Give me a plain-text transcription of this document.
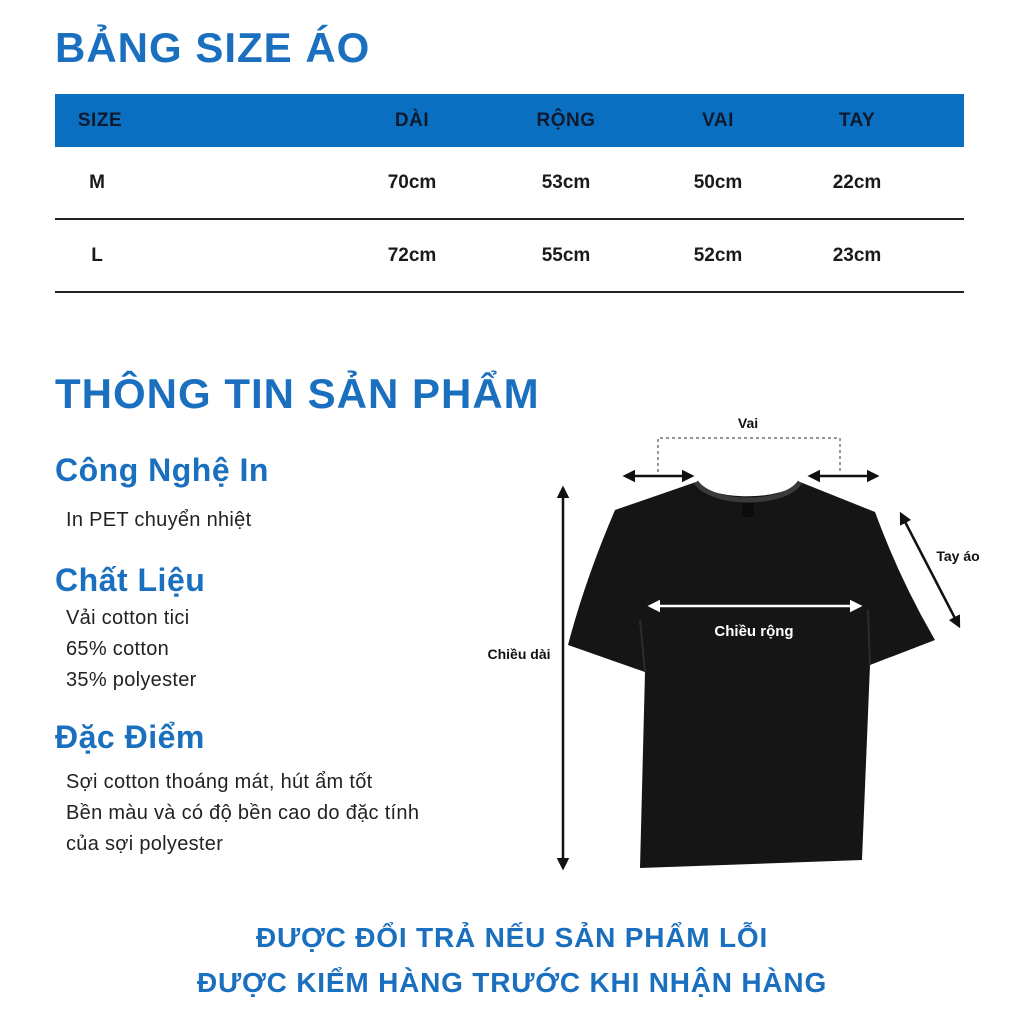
BẢNG SIZE ÁO
SIZE	DÀI	RỘNG	VAI	TAY
M	70cm	53cm	50cm	22cm
L	72cm	55cm	52cm	23cm
THÔNG TIN SẢN PHẨM
Công Nghệ In
In PET chuyển nhiệt
Chất Liệu
Vải cotton tici
65% cotton
35% polyester
Đặc Điểm
Sợi cotton thoáng mát, hút ẩm tốt
Bền màu và có độ bền cao do đặc tính
của sợi polyester
Vai
Tay áo
Chiều dài
Chiều rộng
ĐƯỢC ĐỔI TRẢ NẾU SẢN PHẨM LỖI
ĐƯỢC KIỂM HÀNG TRƯỚC KHI NHẬN HÀNG
